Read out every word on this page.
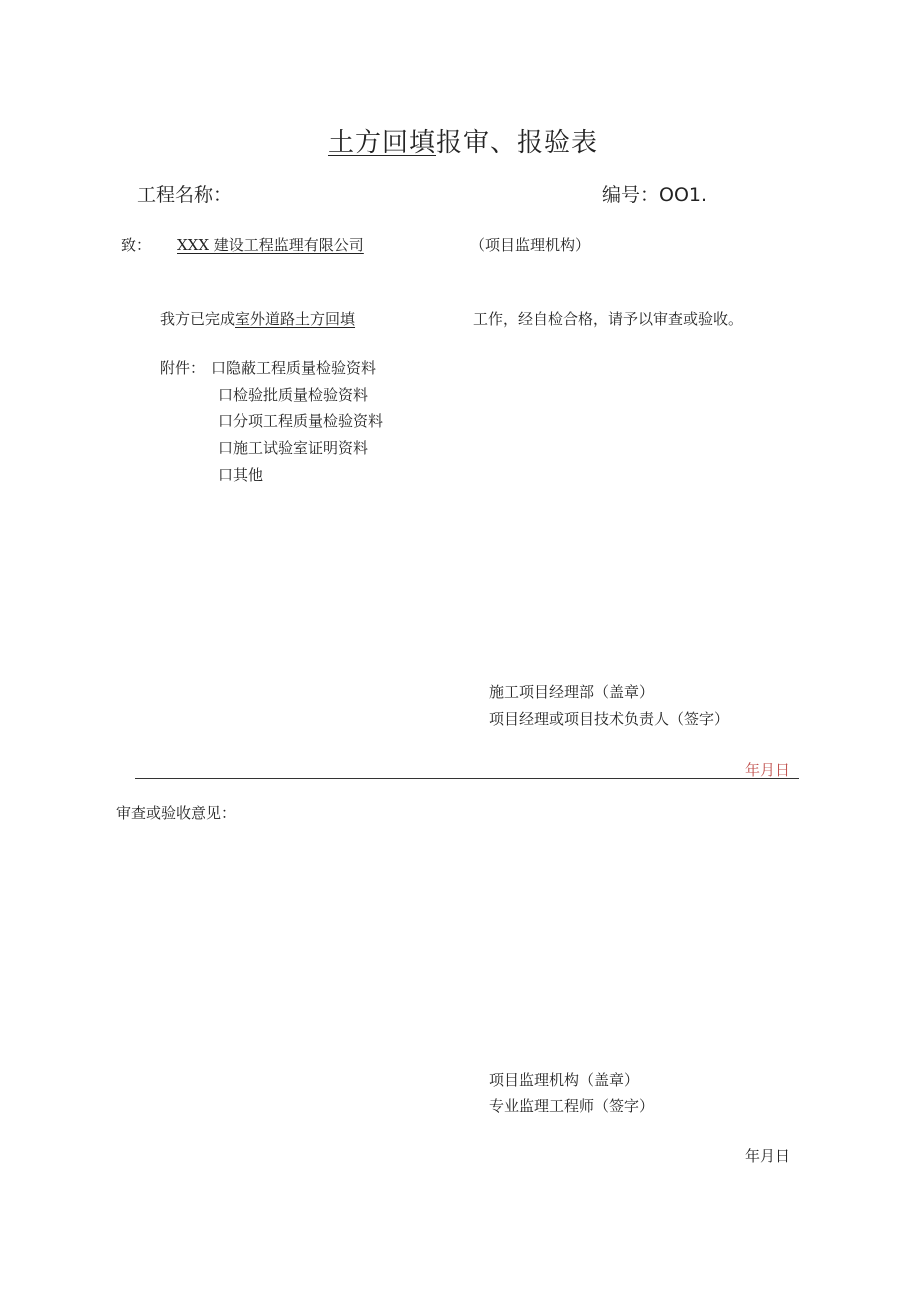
土方回填报审、报验表
工程名称：	编号：OO1.
致： XXX 建设工程监理有限公司	（项目监理机构）
我方已完成室外道路土方回填	工作，经自检合格，请予以审查或验收。
附件： 口隐蔽工程质量检验资料
口检验批质量检验资料
口分项工程质量检验资料
口施工试验室证明资料
口其他
施工项目经理部（盖章）
项目经理或项目技术负责人（签字）
年月日
审查或验收意见：
项目监理机构（盖章）
专业监理工程师（签字）
年月日
